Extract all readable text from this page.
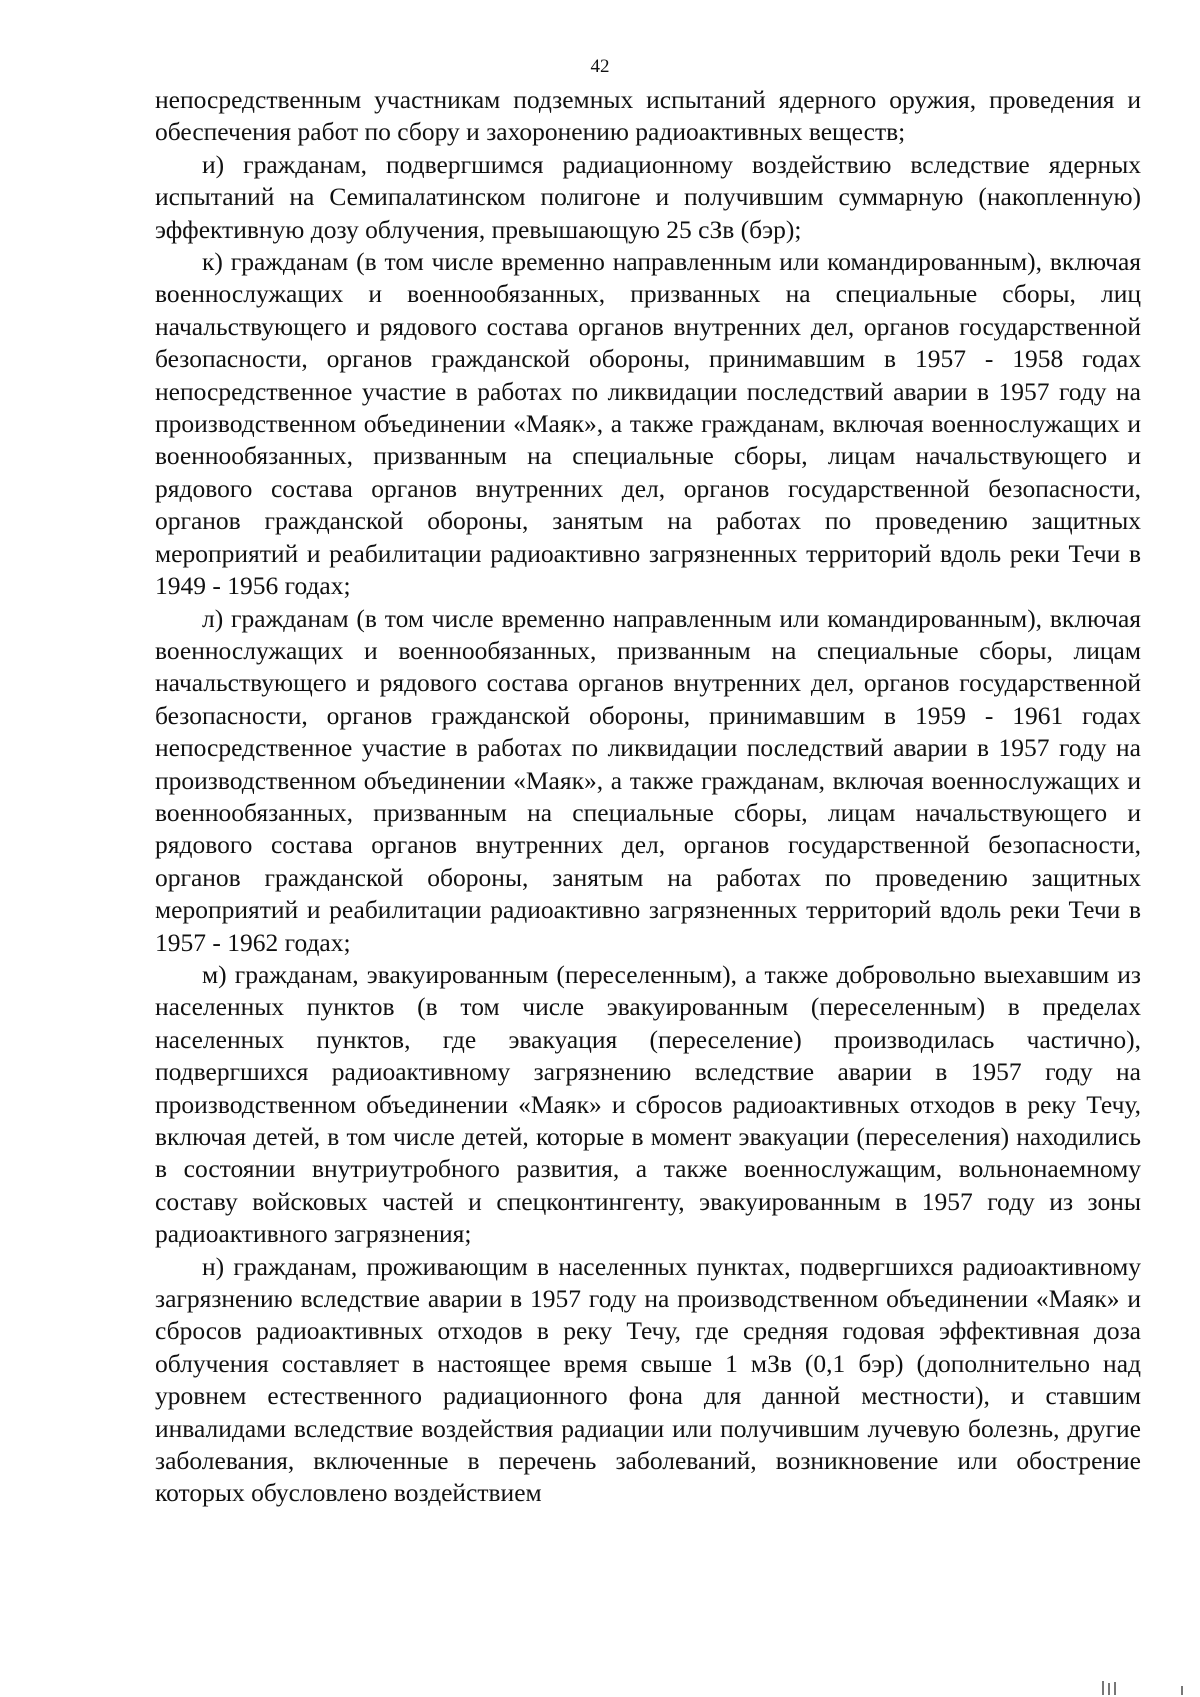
42

непосредственным участникам подземных испытаний ядерного оружия, проведения и обеспечения работ по сбору и захоронению радиоактивных веществ;

и) гражданам, подвергшимся радиационному воздействию вследствие ядерных испытаний на Семипалатинском полигоне и получившим суммарную (накопленную) эффективную дозу облучения, превышающую 25 сЗв (бэр);

к) гражданам (в том числе временно направленным или командированным), включая военнослужащих и военнообязанных, призванных на специальные сборы, лиц начальствующего и рядового состава органов внутренних дел, органов государственной безопасности, органов гражданской обороны, принимавшим в 1957 - 1958 годах непосредственное участие в работах по ликвидации последствий аварии в 1957 году на производственном объединении «Маяк», а также гражданам, включая военнослужащих и военнообязанных, призванным на специальные сборы, лицам начальствующего и рядового состава органов внутренних дел, органов государственной безопасности, органов гражданской обороны, занятым на работах по проведению защитных мероприятий и реабилитации радиоактивно загрязненных территорий вдоль реки Течи в 1949 - 1956 годах;

л) гражданам (в том числе временно направленным или командированным), включая военнослужащих и военнообязанных, призванным на специальные сборы, лицам начальствующего и рядового состава органов внутренних дел, органов государственной безопасности, органов гражданской обороны, принимавшим в 1959 - 1961 годах непосредственное участие в работах по ликвидации последствий аварии в 1957 году на производственном объединении «Маяк», а также гражданам, включая военнослужащих и военнообязанных, призванным на специальные сборы, лицам начальствующего и рядового состава органов внутренних дел, органов государственной безопасности, органов гражданской обороны, занятым на работах по проведению защитных мероприятий и реабилитации радиоактивно загрязненных территорий вдоль реки Течи в 1957 - 1962 годах;

м) гражданам, эвакуированным (переселенным), а также добровольно выехавшим из населенных пунктов (в том числе эвакуированным (переселенным) в пределах населенных пунктов, где эвакуация (переселение) производилась частично), подвергшихся радиоактивному загрязнению вследствие аварии в 1957 году на производственном объединении «Маяк» и сбросов радиоактивных отходов в реку Течу, включая детей, в том числе детей, которые в момент эвакуации (переселения) находились в состоянии внутриутробного развития, а также военнослужащим, вольнонаемному составу войсковых частей и спецконтингенту, эвакуированным в 1957 году из зоны радиоактивного загрязнения;

н) гражданам, проживающим в населенных пунктах, подвергшихся радиоактивному загрязнению вследствие аварии в 1957 году на производственном объединении «Маяк» и сбросов радиоактивных отходов в реку Течу, где средняя годовая эффективная доза облучения составляет в настоящее время свыше 1 мЗв (0,1 бэр) (дополнительно над уровнем естественного радиационного фона для данной местности), и ставшим инвалидами вследствие воздействия радиации или получившим лучевую болезнь, другие заболевания, включенные в перечень заболеваний, возникновение или обострение которых обусловлено воздействием
